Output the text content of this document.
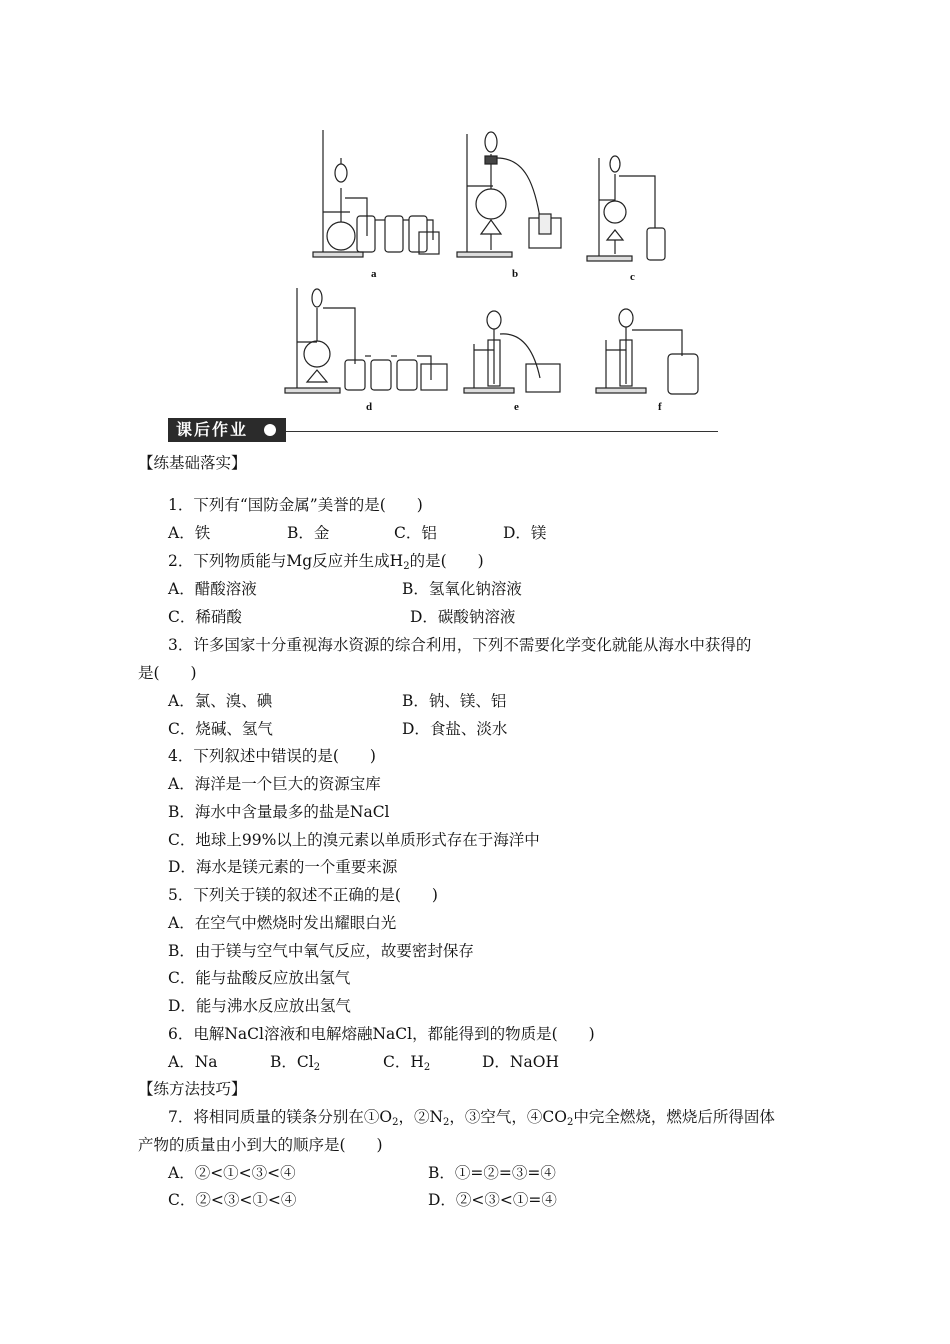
a	b	c
d	e	f
课后作业
【练基础落实】
1．下列有“国防金属”美誉的是(　　)
A．铁	B．金	C．铝	D．镁
2．下列物质能与Mg反应并生成$H_2$的是(　　)
A．醋酸溶液	B．氢氧化钠溶液
C．稀硝酸	D．碳酸钠溶液
3．许多国家十分重视海水资源的综合利用，下列不需要化学变化就能从海水中获得的
是(　　)
A．氯、溴、碘	B．钠、镁、铝
C．烧碱、氢气	D．食盐、淡水
4．下列叙述中错误的是(　　)
A．海洋是一个巨大的资源宝库
B．海水中含量最多的盐是NaCl
C．地球上99%以上的溴元素以单质形式存在于海洋中
D．海水是镁元素的一个重要来源
5．下列关于镁的叙述不正确的是(　　)
A．在空气中燃烧时发出耀眼白光
B．由于镁与空气中氧气反应，故要密封保存
C．能与盐酸反应放出氢气
D．能与沸水反应放出氢气
6．电解NaCl溶液和电解熔融NaCl，都能得到的物质是(　　)
A．Na	B．$Cl_2$	C．$H_2$	D．NaOH
【练方法技巧】
7．将相同质量的镁条分别在$①O_2$，$②N_2$，③空气，$④CO_2$中完全燃烧，燃烧后所得固体
产物的质量由小到大的顺序是(　　)
A．②<①<③<④	B．①=②=③=④
C．②<③<①<④	D．②<③<①=④
